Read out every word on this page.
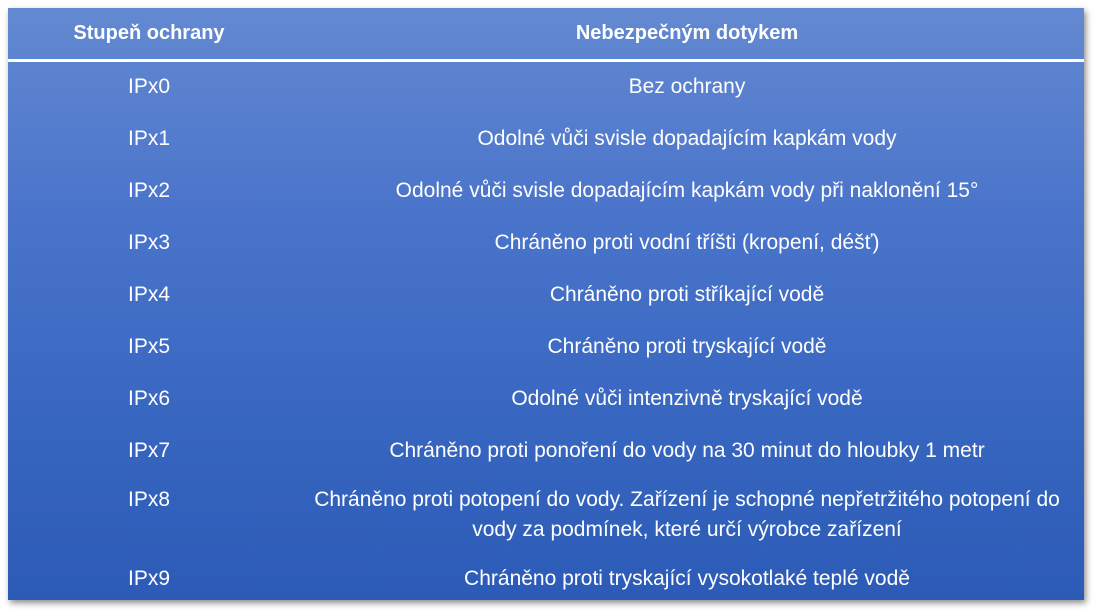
Stupeň ochrany	Nebezpečným dotykem
IPx0	Bez ochrany
IPx1	Odolné vůči svisle dopadajícím kapkám vody
IPx2	Odolné vůči svisle dopadajícím kapkám vody při naklonění 15°
IPx3	Chráněno proti vodní tříšti (kropení, déšť)
IPx4	Chráněno proti stříkající vodě
IPx5	Chráněno proti tryskající vodě
IPx6	Odolné vůči intenzivně tryskající vodě
IPx7	Chráněno proti ponoření do vody na 30 minut do hloubky 1 metr
IPx8	Chráněno proti potopení do vody. Zařízení je schopné nepřetržitého potopení do vody za podmínek, které určí výrobce zařízení
IPx9	Chráněno proti tryskající vysokotlaké teplé vodě
